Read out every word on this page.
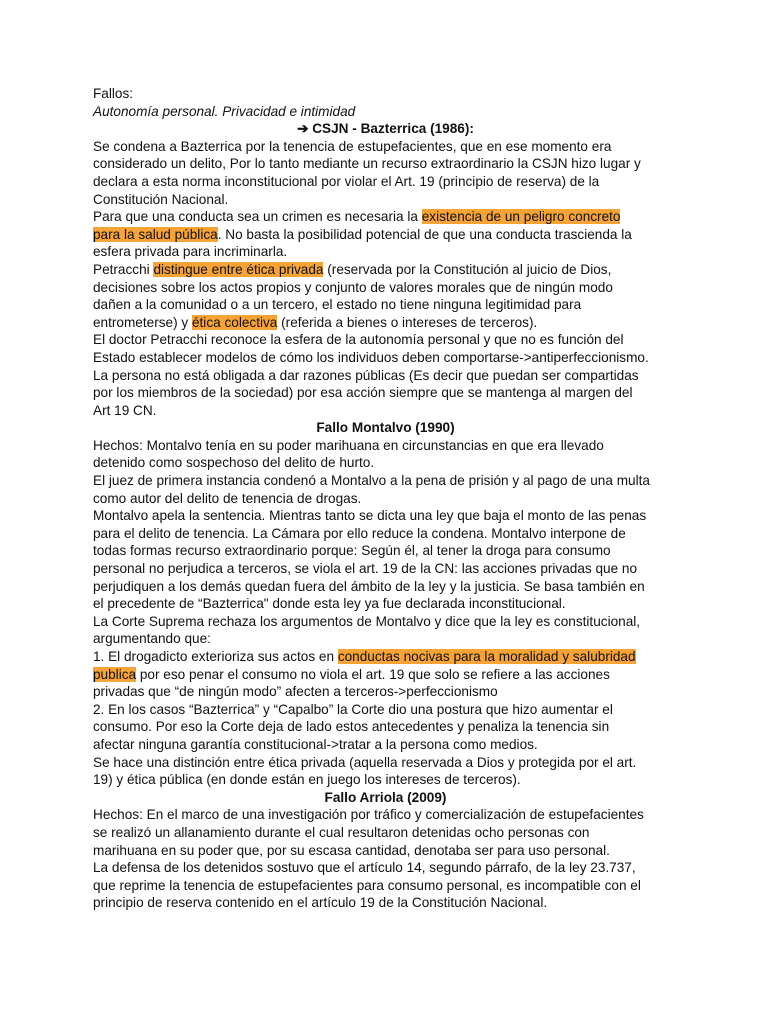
Fallos:
Autonomía personal. Privacidad e intimidad
➔ CSJN - Bazterrica (1986):
Se condena a Bazterrica por la tenencia de estupefacientes, que en ese momento era
considerado un delito, Por lo tanto mediante un recurso extraordinario la CSJN hizo lugar y
declara a esta norma inconstitucional por violar el Art. 19 (principio de reserva) de la
Constitución Nacional.
Para que una conducta sea un crimen es necesaria la existencia de un peligro concreto
para la salud pública. No basta la posibilidad potencial de que una conducta trascienda la
esfera privada para incriminarla.
Petracchi distingue entre ética privada (reservada por la Constitución al juicio de Dios,
decisiones sobre los actos propios y conjunto de valores morales que de ningún modo
dañen a la comunidad o a un tercero, el estado no tiene ninguna legitimidad para
entrometerse) y ética colectiva (referida a bienes o intereses de terceros).
El doctor Petracchi reconoce la esfera de la autonomía personal y que no es función del
Estado establecer modelos de cómo los individuos deben comportarse->antiperfeccionismo.
La persona no está obligada a dar razones públicas (Es decir que puedan ser compartidas
por los miembros de la sociedad) por esa acción siempre que se mantenga al margen del
Art 19 CN.
Fallo Montalvo (1990)
Hechos: Montalvo tenía en su poder marihuana en circunstancias en que era llevado
detenido como sospechoso del delito de hurto.
El juez de primera instancia condenó a Montalvo a la pena de prisión y al pago de una multa
como autor del delito de tenencia de drogas.
Montalvo apela la sentencia. Mientras tanto se dicta una ley que baja el monto de las penas
para el delito de tenencia. La Cámara por ello reduce la condena. Montalvo interpone de
todas formas recurso extraordinario porque: Según él, al tener la droga para consumo
personal no perjudica a terceros, se viola el art. 19 de la CN: las acciones privadas que no
perjudiquen a los demás quedan fuera del ámbito de la ley y la justicia. Se basa también en
el precedente de “Bazterrica" donde esta ley ya fue declarada inconstitucional.
La Corte Suprema rechaza los argumentos de Montalvo y dice que la ley es constitucional,
argumentando que:
1. El drogadicto exterioriza sus actos en conductas nocivas para la moralidad y salubridad
publica por eso penar el consumo no viola el art. 19 que solo se refiere a las acciones
privadas que “de ningún modo” afecten a terceros->perfeccionismo
2. En los casos “Bazterrica” y “Capalbo” la Corte dio una postura que hizo aumentar el
consumo. Por eso la Corte deja de lado estos antecedentes y penaliza la tenencia sin
afectar ninguna garantía constitucional->tratar a la persona como medios.
Se hace una distinción entre ética privada (aquella reservada a Dios y protegida por el art.
19) y ética pública (en donde están en juego los intereses de terceros).
Fallo Arriola (2009)
Hechos: En el marco de una investigación por tráfico y comercialización de estupefacientes
se realizó un allanamiento durante el cual resultaron detenidas ocho personas con
marihuana en su poder que, por su escasa cantidad, denotaba ser para uso personal.
La defensa de los detenidos sostuvo que el artículo 14, segundo párrafo, de la ley 23.737,
que reprime la tenencia de estupefacientes para consumo personal, es incompatible con el
principio de reserva contenido en el artículo 19 de la Constitución Nacional.
